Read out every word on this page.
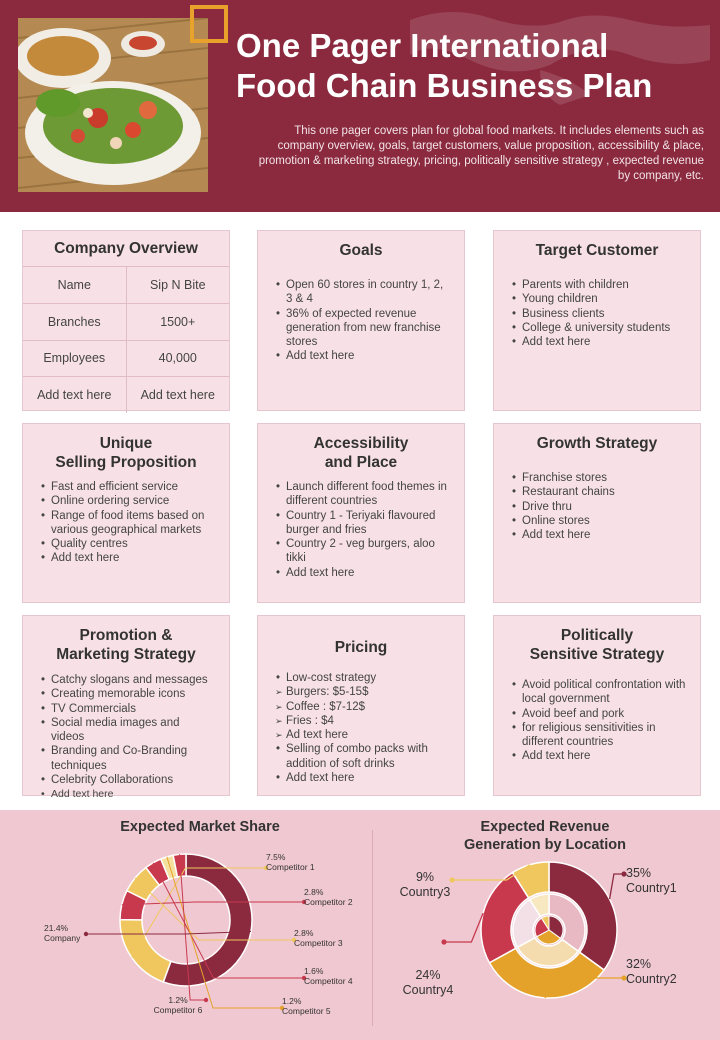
One Pager International
Food Chain Business Plan
This one pager covers plan for global food markets. It includes elements such as company overview, goals, target customers, value proposition, accessibility & place, promotion & marketing strategy, pricing, politically sensitive strategy , expected revenue by company, etc.
Company Overview
Name	Sip N Bite
Branches	1500+
Employees	40,000
Add text here	Add text here
Goals
• Open 60 stores in country 1, 2, 3 & 4
• 36% of expected revenue generation from new franchise stores
• Add text here
Target Customer
• Parents with children
• Young children
• Business clients
• College & university students
• Add text here
Unique
Selling Proposition
• Fast and efficient service
• Online ordering service
• Range of food items based on various geographical markets
• Quality centres
• Add text here
Accessibility
and Place
• Launch different food themes in different countries
• Country 1 - Teriyaki flavoured burger and fries
• Country 2 - veg burgers, aloo tikki
• Add text here
Growth Strategy
• Franchise stores
• Restaurant chains
• Drive thru
• Online stores
• Add text here
Promotion &
Marketing Strategy
• Catchy slogans and messages
• Creating memorable icons
• TV Commercials
• Social media images and videos
• Branding and Co-Branding techniques
• Celebrity Collaborations
• Add text here
Pricing
• Low-cost strategy
➢ Burgers: $5-15$
➢ Coffee : $7-12$
➢ Fries : $4
➢ Ad text here
• Selling of combo packs with addition of soft drinks
• Add text here
Politically
Sensitive Strategy
• Avoid political confrontation with local government
• Avoid beef and pork
• for religious sensitivities in different countries
• Add text here
Expected Market Share	Expected Revenue
Generation by Location
7.5%
Competitor 1
2.8%
Competitor 2
2.8%
Competitor 3
1.6%
Competitor 4
1.2%
Competitor 5
1.2%
Competitor 6
21.4%
Company
35%
Country1
32%
Country2
24%
Country4
9%
Country3
